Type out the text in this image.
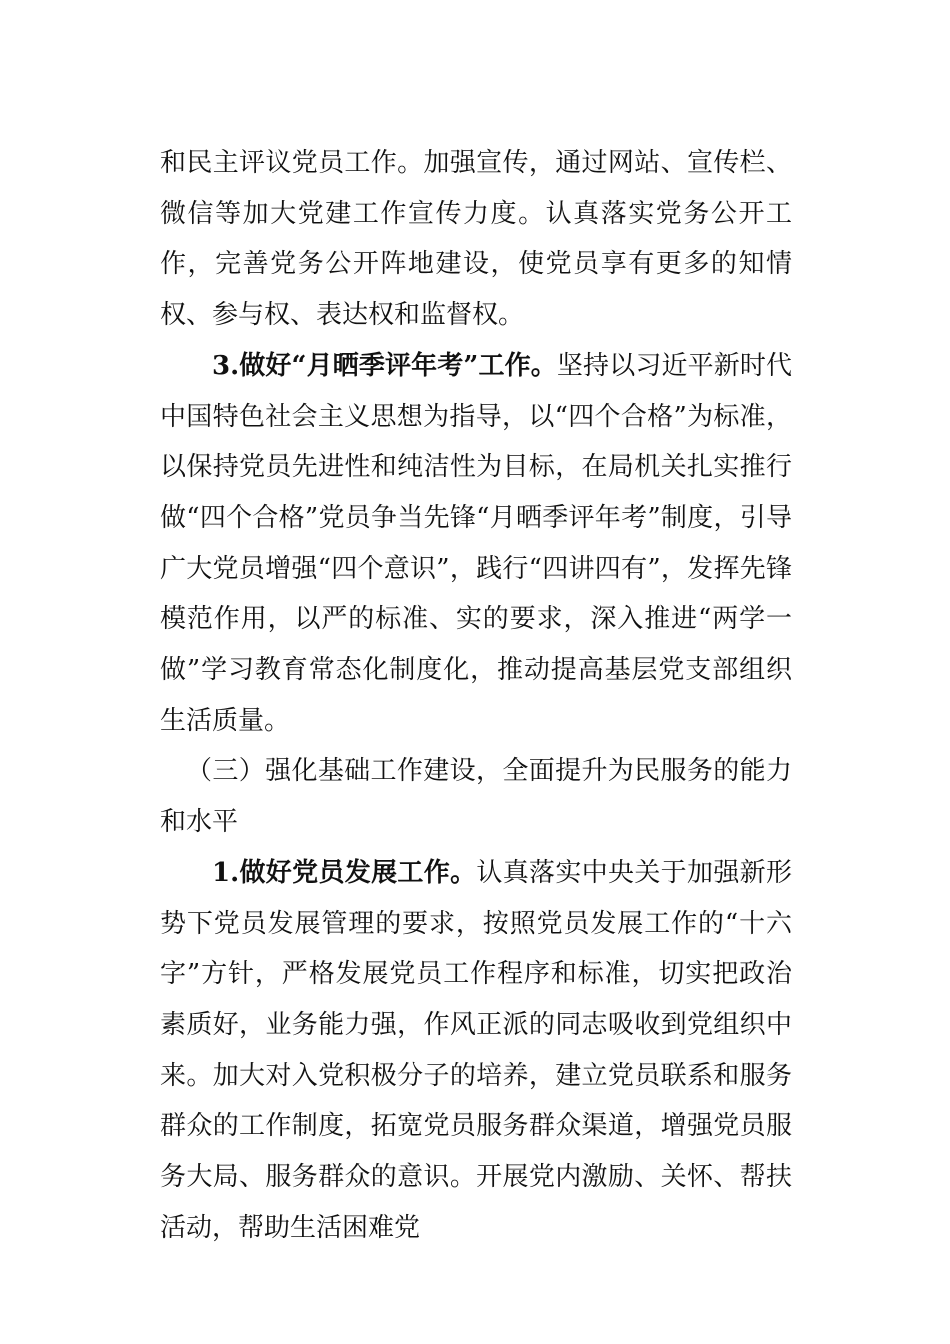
和民主评议党员工作。加强宣传，通过网站、宣传栏、微信等加大党建工作宣传力度。认真落实党务公开工作，完善党务公开阵地建设，使党员享有更多的知情权、参与权、表达权和监督权。

3.做好“月晒季评年考”工作。坚持以习近平新时代中国特色社会主义思想为指导，以“四个合格”为标准，以保持党员先进性和纯洁性为目标，在局机关扎实推行做“四个合格”党员争当先锋“月晒季评年考”制度，引导广大党员增强“四个意识”，践行“四讲四有”，发挥先锋模范作用，以严的标准、实的要求，深入推进“两学一做”学习教育常态化制度化，推动提高基层党支部组织生活质量。

（三）强化基础工作建设，全面提升为民服务的能力和水平

1.做好党员发展工作。认真落实中央关于加强新形势下党员发展管理的要求，按照党员发展工作的“十六字”方针，严格发展党员工作程序和标准，切实把政治素质好，业务能力强，作风正派的同志吸收到党组织中来。加大对入党积极分子的培养，建立党员联系和服务群众的工作制度，拓宽党员服务群众渠道，增强党员服务大局、服务群众的意识。开展党内激励、关怀、帮扶活动，帮助生活困难党
